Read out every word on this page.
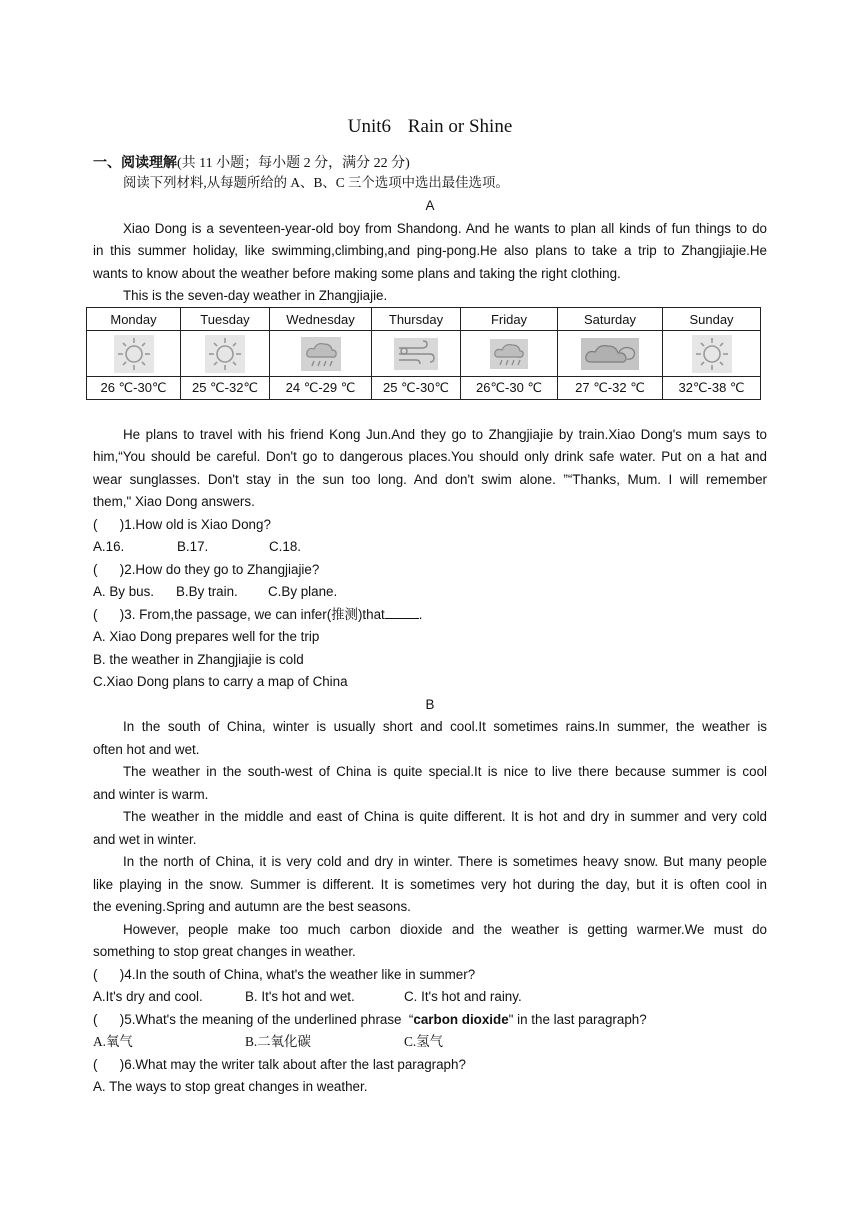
Unit6 Rain or Shine
一、阅读理解(共 11 小题；每小题 2 分，满分 22 分)
阅读下列材料,从每题所给的 A、B、C 三个选项中选出最佳选项。
A
Xiao Dong is a seventeen-year-old boy from Shandong. And he wants to plan all kinds of fun things to do
in this summer holiday, like swimming,climbing,and ping-pong.He also plans to take a trip to Zhangjiajie.He
wants to know about the weather before making some plans and taking the right clothing.
This is the seven-day weather in Zhangjiajie.
Monday	Tuesday	Wednesday	Thursday	Friday	Saturday	Sunday

26 ℃-30℃	25 ℃-32℃	24 ℃-29 ℃	25 ℃-30℃	26℃-30 ℃	27 ℃-32 ℃	32℃-38 ℃
He plans to travel with his friend Kong Jun.And they go to Zhangjiajie by train.Xiao Dong's mum says to
him,“You should be careful. Don't go to dangerous places.You should only drink safe water. Put on a hat and
wear sunglasses. Don't stay in the sun too long. And don't swim alone. ”“Thanks, Mum. I will remember
them," Xiao Dong answers.
(      )1.How old is Xiao Dong?
A.16.	B.17.	C.18.
(      )2.How do they go to Zhangjiajie?
A. By bus. B.By train. C.By plane.
(      )3. From,the passage, we can infer(推测)that	.
A. Xiao Dong prepares well for the trip
B. the weather in Zhangjiajie is cold
C.Xiao Dong plans to carry a map of China
B
In the south of China, winter is usually short and cool.It sometimes rains.In summer, the weather is
often hot and wet.
The weather in the south-west of China is quite special.It is nice to live there because summer is cool
and winter is warm.
The weather in the middle and east of China is quite different. It is hot and dry in summer and very cold
and wet in winter.
In the north of China, it is very cold and dry in winter. There is sometimes heavy snow. But many people
like playing in the snow. Summer is different. It is sometimes very hot during the day, but it is often cool in
the evening.Spring and autumn are the best seasons.
However, people make too much carbon dioxide and the weather is getting warmer.We must do
something to stop great changes in weather.
(      )4.In the south of China, what's the weather like in summer?
A.It's dry and cool.	B. It's hot and wet.	C. It's hot and rainy.
(      )5.What's the meaning of the underlined phrase  “carbon dioxide" in the last paragraph?
A.氧气	B.二氧化碳	C.氢气
(      )6.What may the writer talk about after the last paragraph?
A. The ways to stop great changes in weather.
